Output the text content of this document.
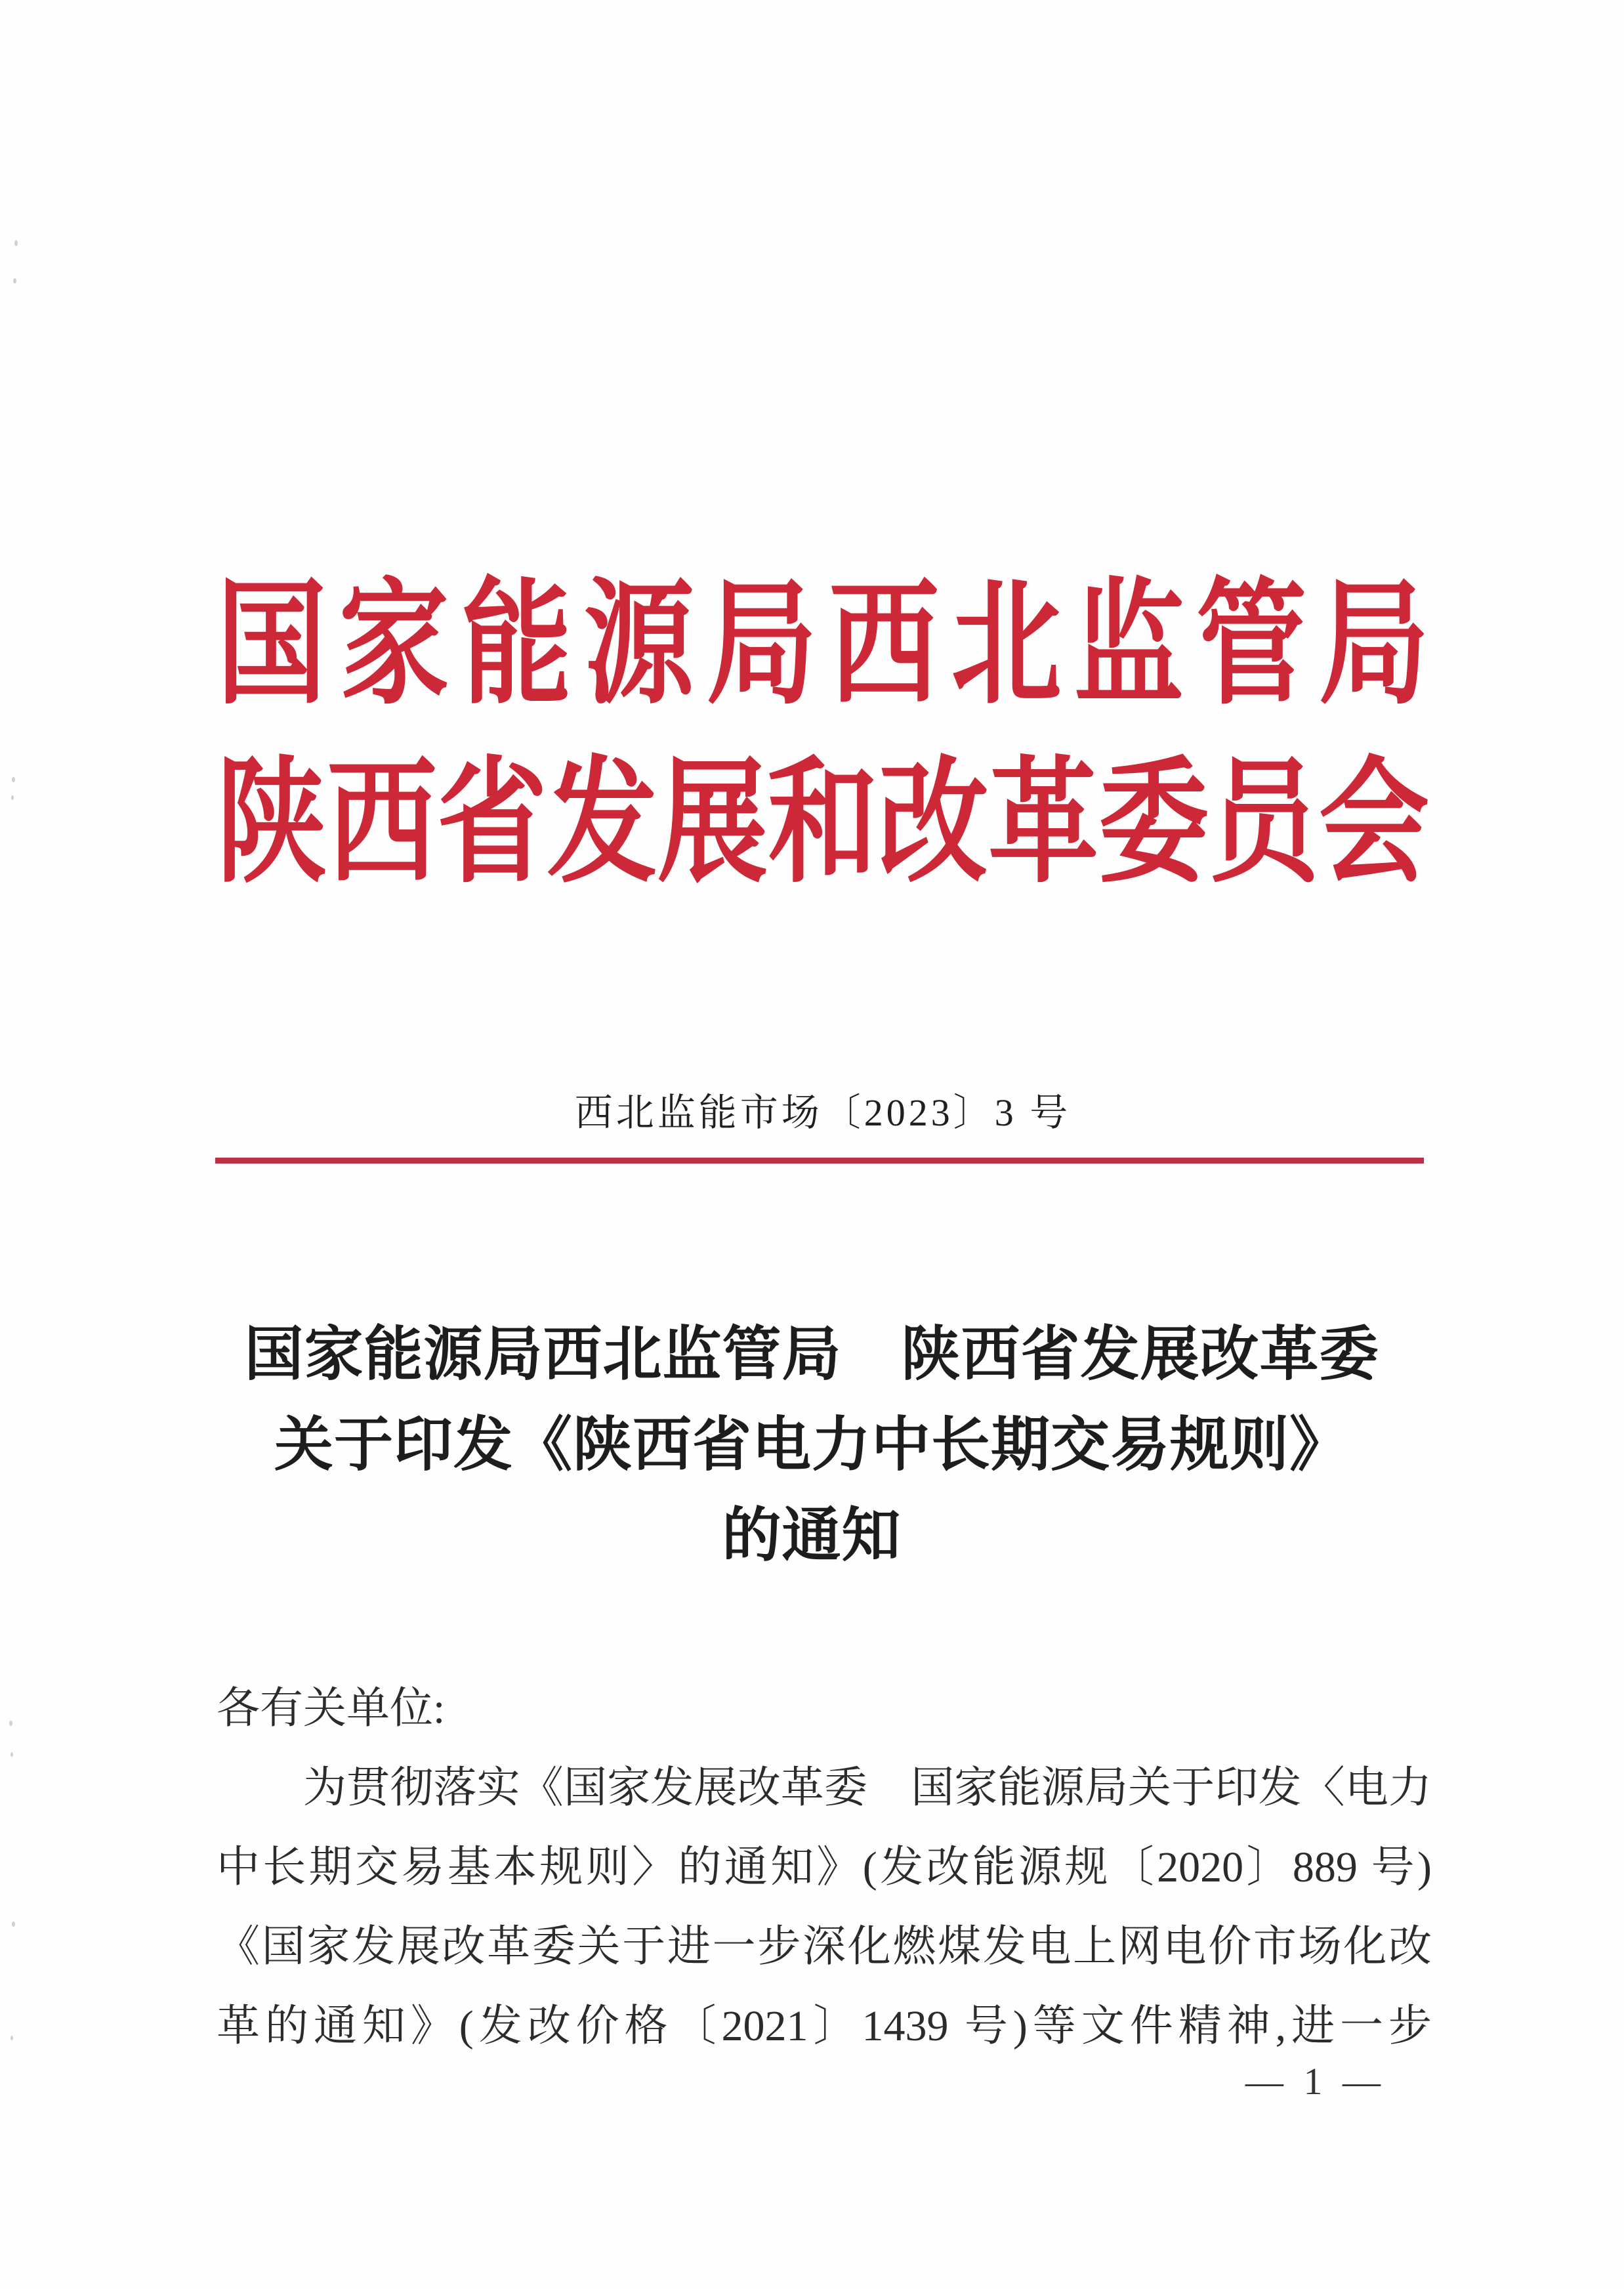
国 家 能 源 局 西 北 监 管 局
陕 西 省 发 展 和 改 革 委 员 会
西北监能市场〔2023〕3 号
国家能源局西北监管局　陕西省发展改革委
关于印发《陕西省电力中长期交易规则》
的通知
各有关单位:
为贯彻落实《国家发展改革委　国家能源局关于印发〈电力
中长期交易基本规则〉的通知》(发改能源规〔2020〕889 号)
《国家发展改革委关于进一步深化燃煤发电上网电价市场化改
革的通知》(发改价格〔2021〕1439 号)等文件精神,进一步
— 1 —
